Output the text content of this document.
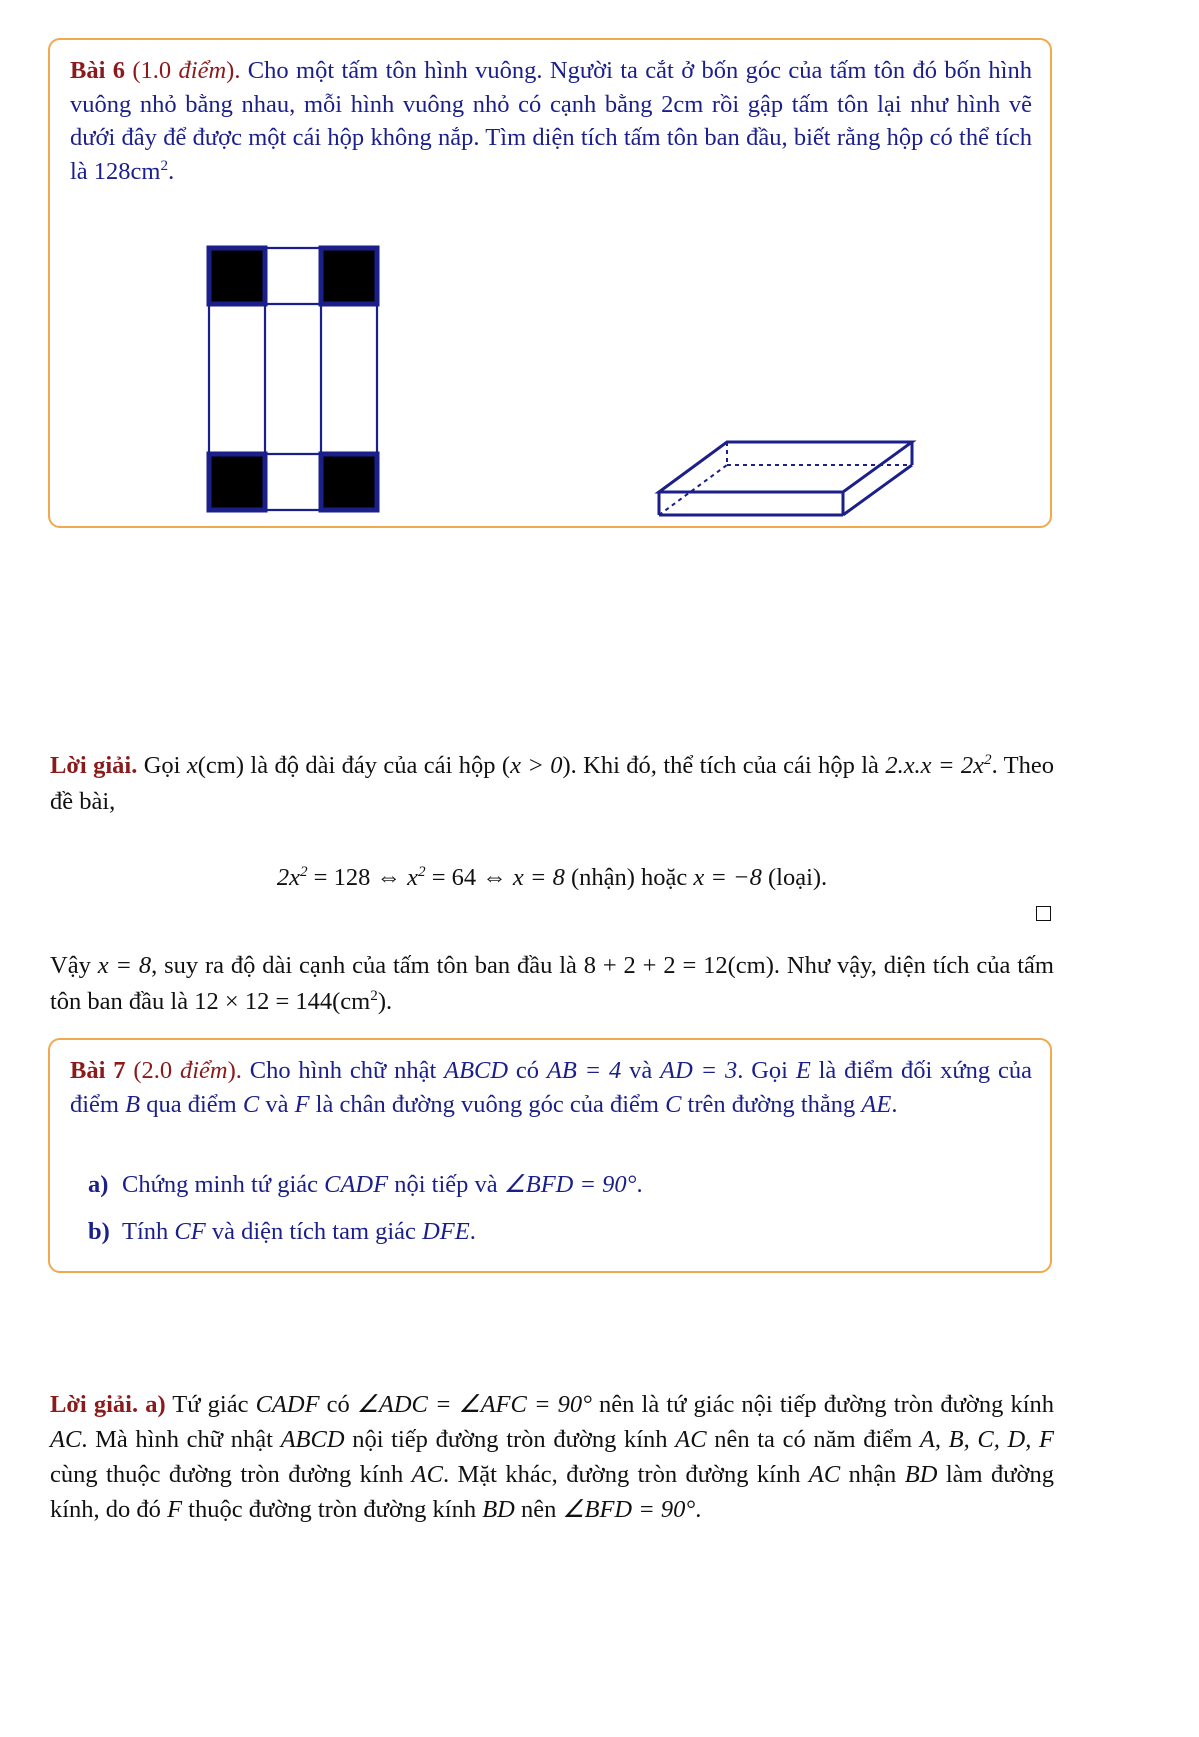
Bài 6 (1.0 điểm). Cho một tấm tôn hình vuông. Người ta cắt ở bốn góc của tấm tôn đó bốn hình vuông nhỏ bằng nhau, mỗi hình vuông nhỏ có cạnh bằng 2cm rồi gập tấm tôn lại như hình vẽ dưới đây để được một cái hộp không nắp. Tìm diện tích tấm tôn ban đầu, biết rằng hộp có thể tích là $128cm^2$.
Lời giải. Gọi x(cm) là độ dài đáy của cái hộp (x > 0). Khi đó, thể tích của cái hộp là $2.x.x = 2x^2$. Theo đề bài,
$2x^2 = 128$ ⇔ $x^2 = 64$ ⇔ x = 8 (nhận) hoặc x = −8 (loại).
Vậy x = 8, suy ra độ dài cạnh của tấm tôn ban đầu là 8 + 2 + 2 = 12(cm). Như vậy, diện tích của tấm tôn ban đầu là $12 \times 12 = 144(cm^2)$.
Bài 7 (2.0 điểm). Cho hình chữ nhật ABCD có AB = 4 và AD = 3. Gọi E là điểm đối xứng của điểm B qua điểm C và F là chân đường vuông góc của điểm C trên đường thẳng AE.
a) Chứng minh tứ giác CADF nội tiếp và ∠BFD = 90°.
b) Tính CF và diện tích tam giác DFE.
Lời giải. a) Tứ giác CADF có ∠ADC = ∠AFC = 90° nên là tứ giác nội tiếp đường tròn đường kính AC. Mà hình chữ nhật ABCD nội tiếp đường tròn đường kính AC nên ta có năm điểm A, B, C, D, F cùng thuộc đường tròn đường kính AC. Mặt khác, đường tròn đường kính AC nhận BD làm đường kính, do đó F thuộc đường tròn đường kính BD nên ∠BFD = 90°.
